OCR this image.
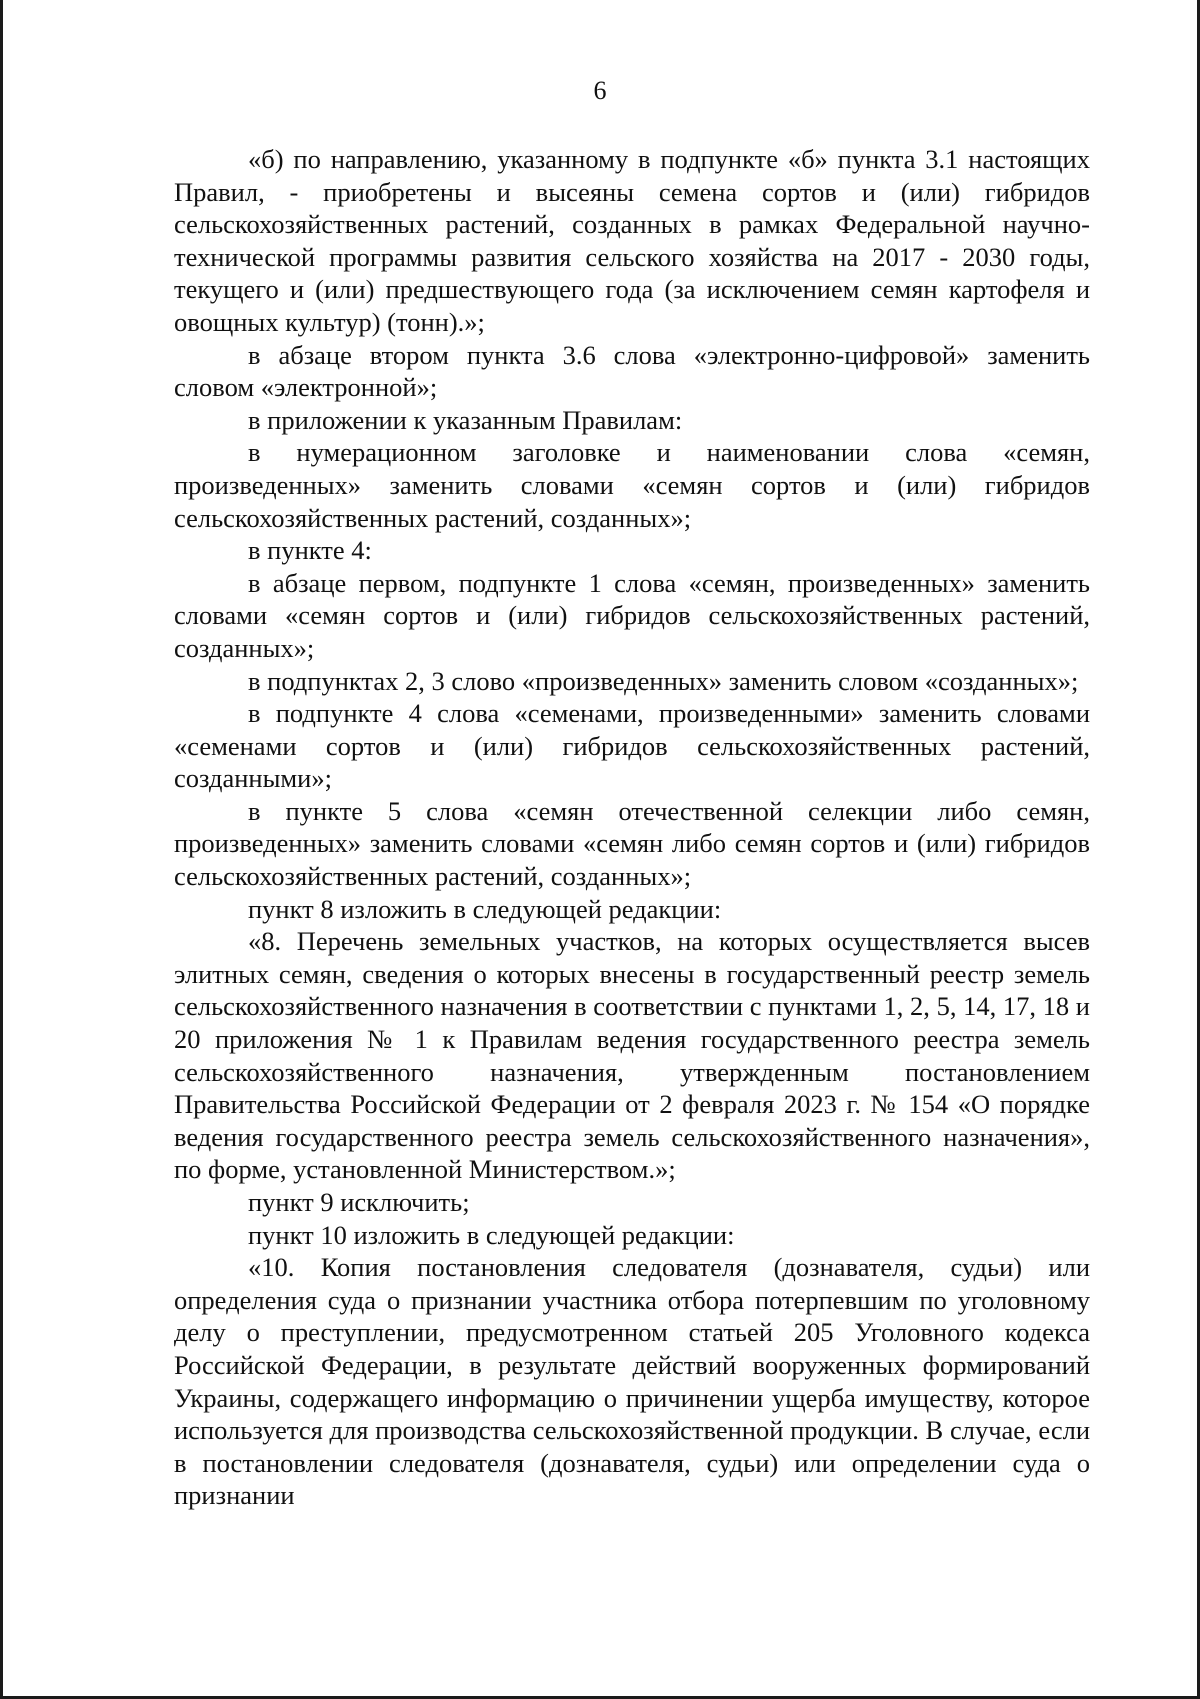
6

«б) по направлению, указанному в подпункте «б» пункта 3.1 настоящих Правил, - приобретены и высеяны семена сортов и (или) гибридов сельскохозяйственных растений, созданных в рамках Федеральной научно-технической программы развития сельского хозяйства на 2017 - 2030 годы, текущего и (или) предшествующего года (за исключением семян картофеля и овощных культур) (тонн).»;

в абзаце втором пункта 3.6 слова «электронно-цифровой» заменить словом «электронной»;

в приложении к указанным Правилам:

в нумерационном заголовке и наименовании слова «семян, произведенных» заменить словами «семян сортов и (или) гибридов сельскохозяйственных растений, созданных»;

в пункте 4:

в абзаце первом, подпункте 1 слова «семян, произведенных» заменить словами «семян сортов и (или) гибридов сельскохозяйственных растений, созданных»;

в подпунктах 2, 3 слово «произведенных» заменить словом «созданных»;

в подпункте 4 слова «семенами, произведенными» заменить словами «семенами сортов и (или) гибридов сельскохозяйственных растений, созданными»;

в пункте 5 слова «семян отечественной селекции либо семян, произведенных» заменить словами «семян либо семян сортов и (или) гибридов сельскохозяйственных растений, созданных»;

пункт 8 изложить в следующей редакции:

«8. Перечень земельных участков, на которых осуществляется высев элитных семян, сведения о которых внесены в государственный реестр земель сельскохозяйственного назначения в соответствии с пунктами 1, 2, 5, 14, 17, 18 и 20 приложения № 1 к Правилам ведения государственного реестра земель сельскохозяйственного назначения, утвержденным постановлением Правительства Российской Федерации от 2 февраля 2023 г. № 154 «О порядке ведения государственного реестра земель сельскохозяйственного назначения», по форме, установленной Министерством.»;

пункт 9 исключить;

пункт 10 изложить в следующей редакции:

«10. Копия постановления следователя (дознавателя, судьи) или определения суда о признании участника отбора потерпевшим по уголовному делу о преступлении, предусмотренном статьей 205 Уголовного кодекса Российской Федерации, в результате действий вооруженных формирований Украины, содержащего информацию о причинении ущерба имуществу, которое используется для производства сельскохозяйственной продукции. В случае, если в постановлении следователя (дознавателя, судьи) или определении суда о признании
